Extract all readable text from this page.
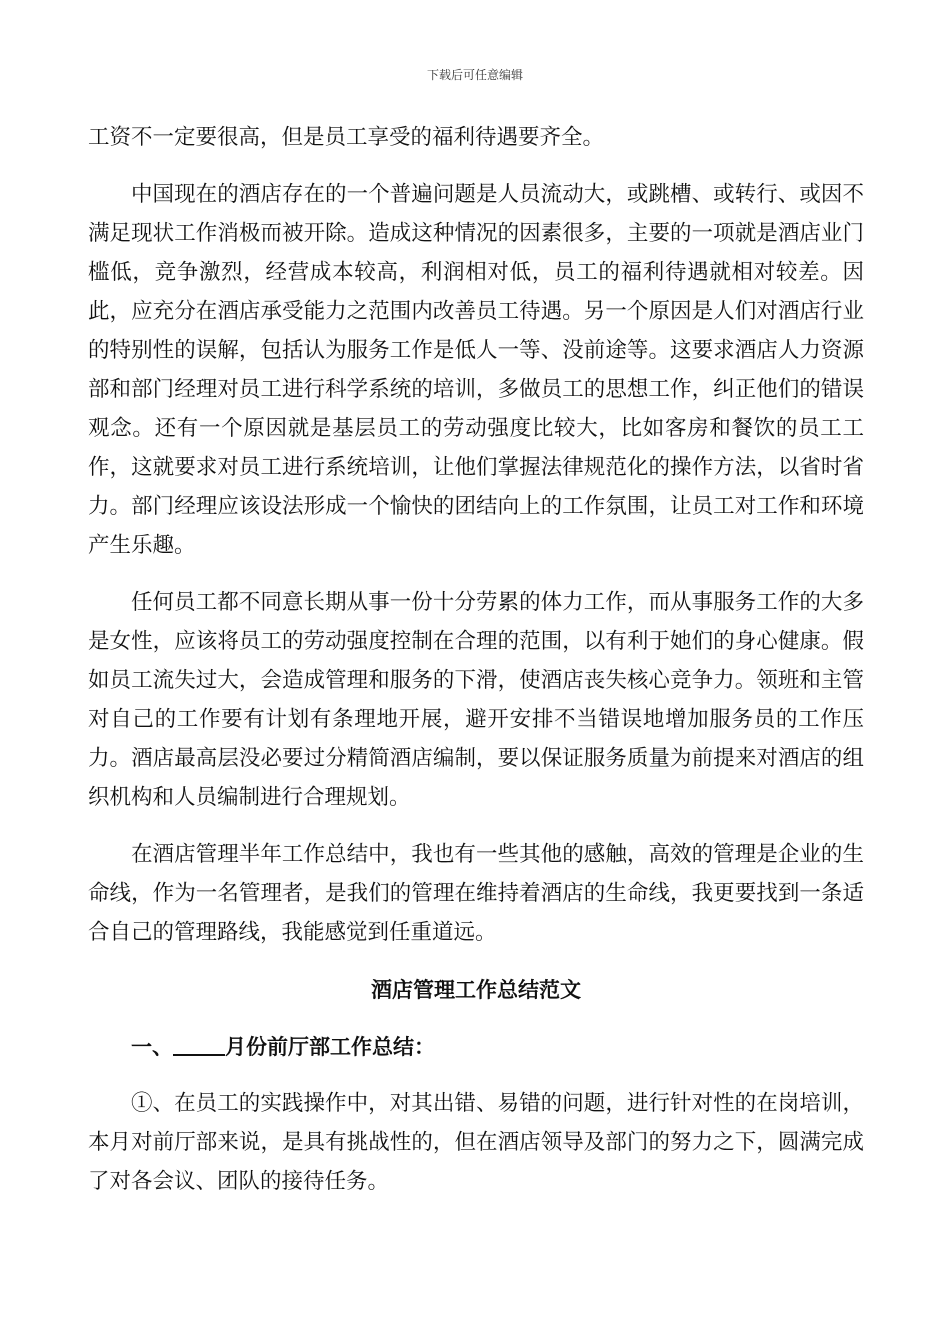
下载后可任意编辑

工资不一定要很高，但是员工享受的福利待遇要齐全。

中国现在的酒店存在的一个普遍问题是人员流动大，或跳槽、或转行、或因不满足现状工作消极而被开除。造成这种情况的因素很多，主要的一项就是酒店业门槛低，竞争激烈，经营成本较高，利润相对低，员工的福利待遇就相对较差。因此，应充分在酒店承受能力之范围内改善员工待遇。另一个原因是人们对酒店行业的特别性的误解，包括认为服务工作是低人一等、没前途等。这要求酒店人力资源部和部门经理对员工进行科学系统的培训，多做员工的思想工作，纠正他们的错误观念。还有一个原因就是基层员工的劳动强度比较大，比如客房和餐饮的员工工作，这就要求对员工进行系统培训，让他们掌握法律规范化的操作方法，以省时省力。部门经理应该设法形成一个愉快的团结向上的工作氛围，让员工对工作和环境产生乐趣。

任何员工都不同意长期从事一份十分劳累的体力工作，而从事服务工作的大多是女性，应该将员工的劳动强度控制在合理的范围，以有利于她们的身心健康。假如员工流失过大，会造成管理和服务的下滑，使酒店丧失核心竞争力。领班和主管对自己的工作要有计划有条理地开展，避开安排不当错误地增加服务员的工作压力。酒店最高层没必要过分精简酒店编制，要以保证服务质量为前提来对酒店的组织机构和人员编制进行合理规划。

在酒店管理半年工作总结中，我也有一些其他的感触，高效的管理是企业的生命线，作为一名管理者，是我们的管理在维持着酒店的生命线，我更要找到一条适合自己的管理路线，我能感觉到任重道远。

酒店管理工作总结范文
一、 月份前厅部工作总结：

①、在员工的实践操作中，对其出错、易错的问题，进行针对性的在岗培训，本月对前厅部来说，是具有挑战性的，但在酒店领导及部门的努力之下，圆满完成了对各会议、团队的接待任务。
